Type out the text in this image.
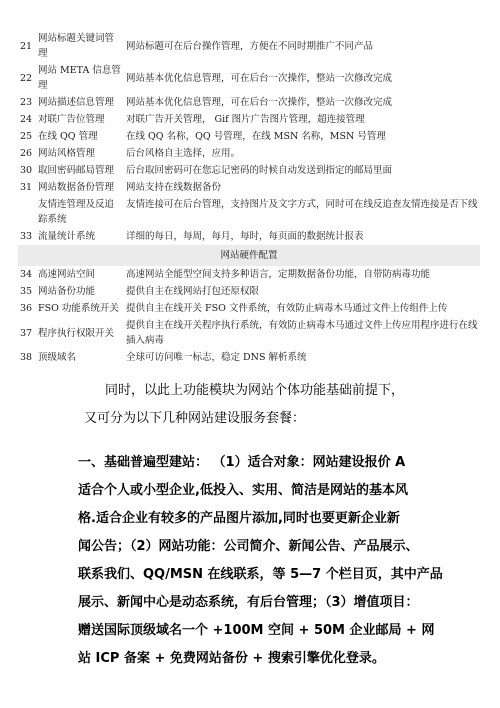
21	网站标题关键词管理	网站标题可在后台操作管理，方便在不同时期推广不同产品
22	网站 META 信息管理	网站基本优化信息管理，可在后台一次操作，整站一次修改完成
23	网站描述信息管理	网站基本优化信息管理，可在后台一次操作，整站一次修改完成
24	对联广告位管理	对联广告开关管理， Gif 图片广告图片管理，超连接管理
25	在线 QQ 管理	在线 QQ 名称，QQ 号管理，在线 MSN 名称，MSN 号管理
26	网站风格管理	后台风格自主选择，应用。
30	取回密码邮局管理	后台取回密码可在您忘记密码的时候自动发送到指定的邮局里面
31	网站数据备份管理	网站支持在线数据备份
	友情连管理及反追踪系统	友情连接可在后台管理，支持图片及文字方式，同时可在线反追查友情连接是否下线
33	流量统计系统	详细的每日，每周，每月，每时，每页面的数据统计报表
网站硬件配置		
34	高速网站空间	高速网站全能型空间支持多种语言，定期数据备份功能，自带防病毒功能
35	网站备份功能	提供自主在线网站打包还原权限
36	FSO 功能系统开关	提供自主在线开关 FSO 文件系统，有效防止病毒木马通过文件上传组件上传
37	程序执行权限开关	提供自主在线开关程序执行系统，有效防止病毒木马通过文件上传应用程序进行在线插入病毒
38	顶级域名	全球可访问唯一标志，稳定 DNS 解析系统

同时，以此上功能模块为网站个体功能基础前提下，

又可分为以下几种网站建设服务套餐：

一、基础普遍型建站： （1）适合对象：网站建设报价 A

适合个人或小型企业,低投入、实用、简洁是网站的基本风

格.适合企业有较多的产品图片添加,同时也要更新企业新

闻公告；（2）网站功能：公司简介、新闻公告、产品展示、

联系我们、QQ/MSN 在线联系，等 5—7 个栏目页，其中产品

展示、新闻中心是动态系统，有后台管理；（3）增值项目：

赠送国际顶级域名一个 +100M 空间 + 50M 企业邮局 + 网

站 ICP 备案 + 免费网站备份 + 搜索引擎优化登录。
